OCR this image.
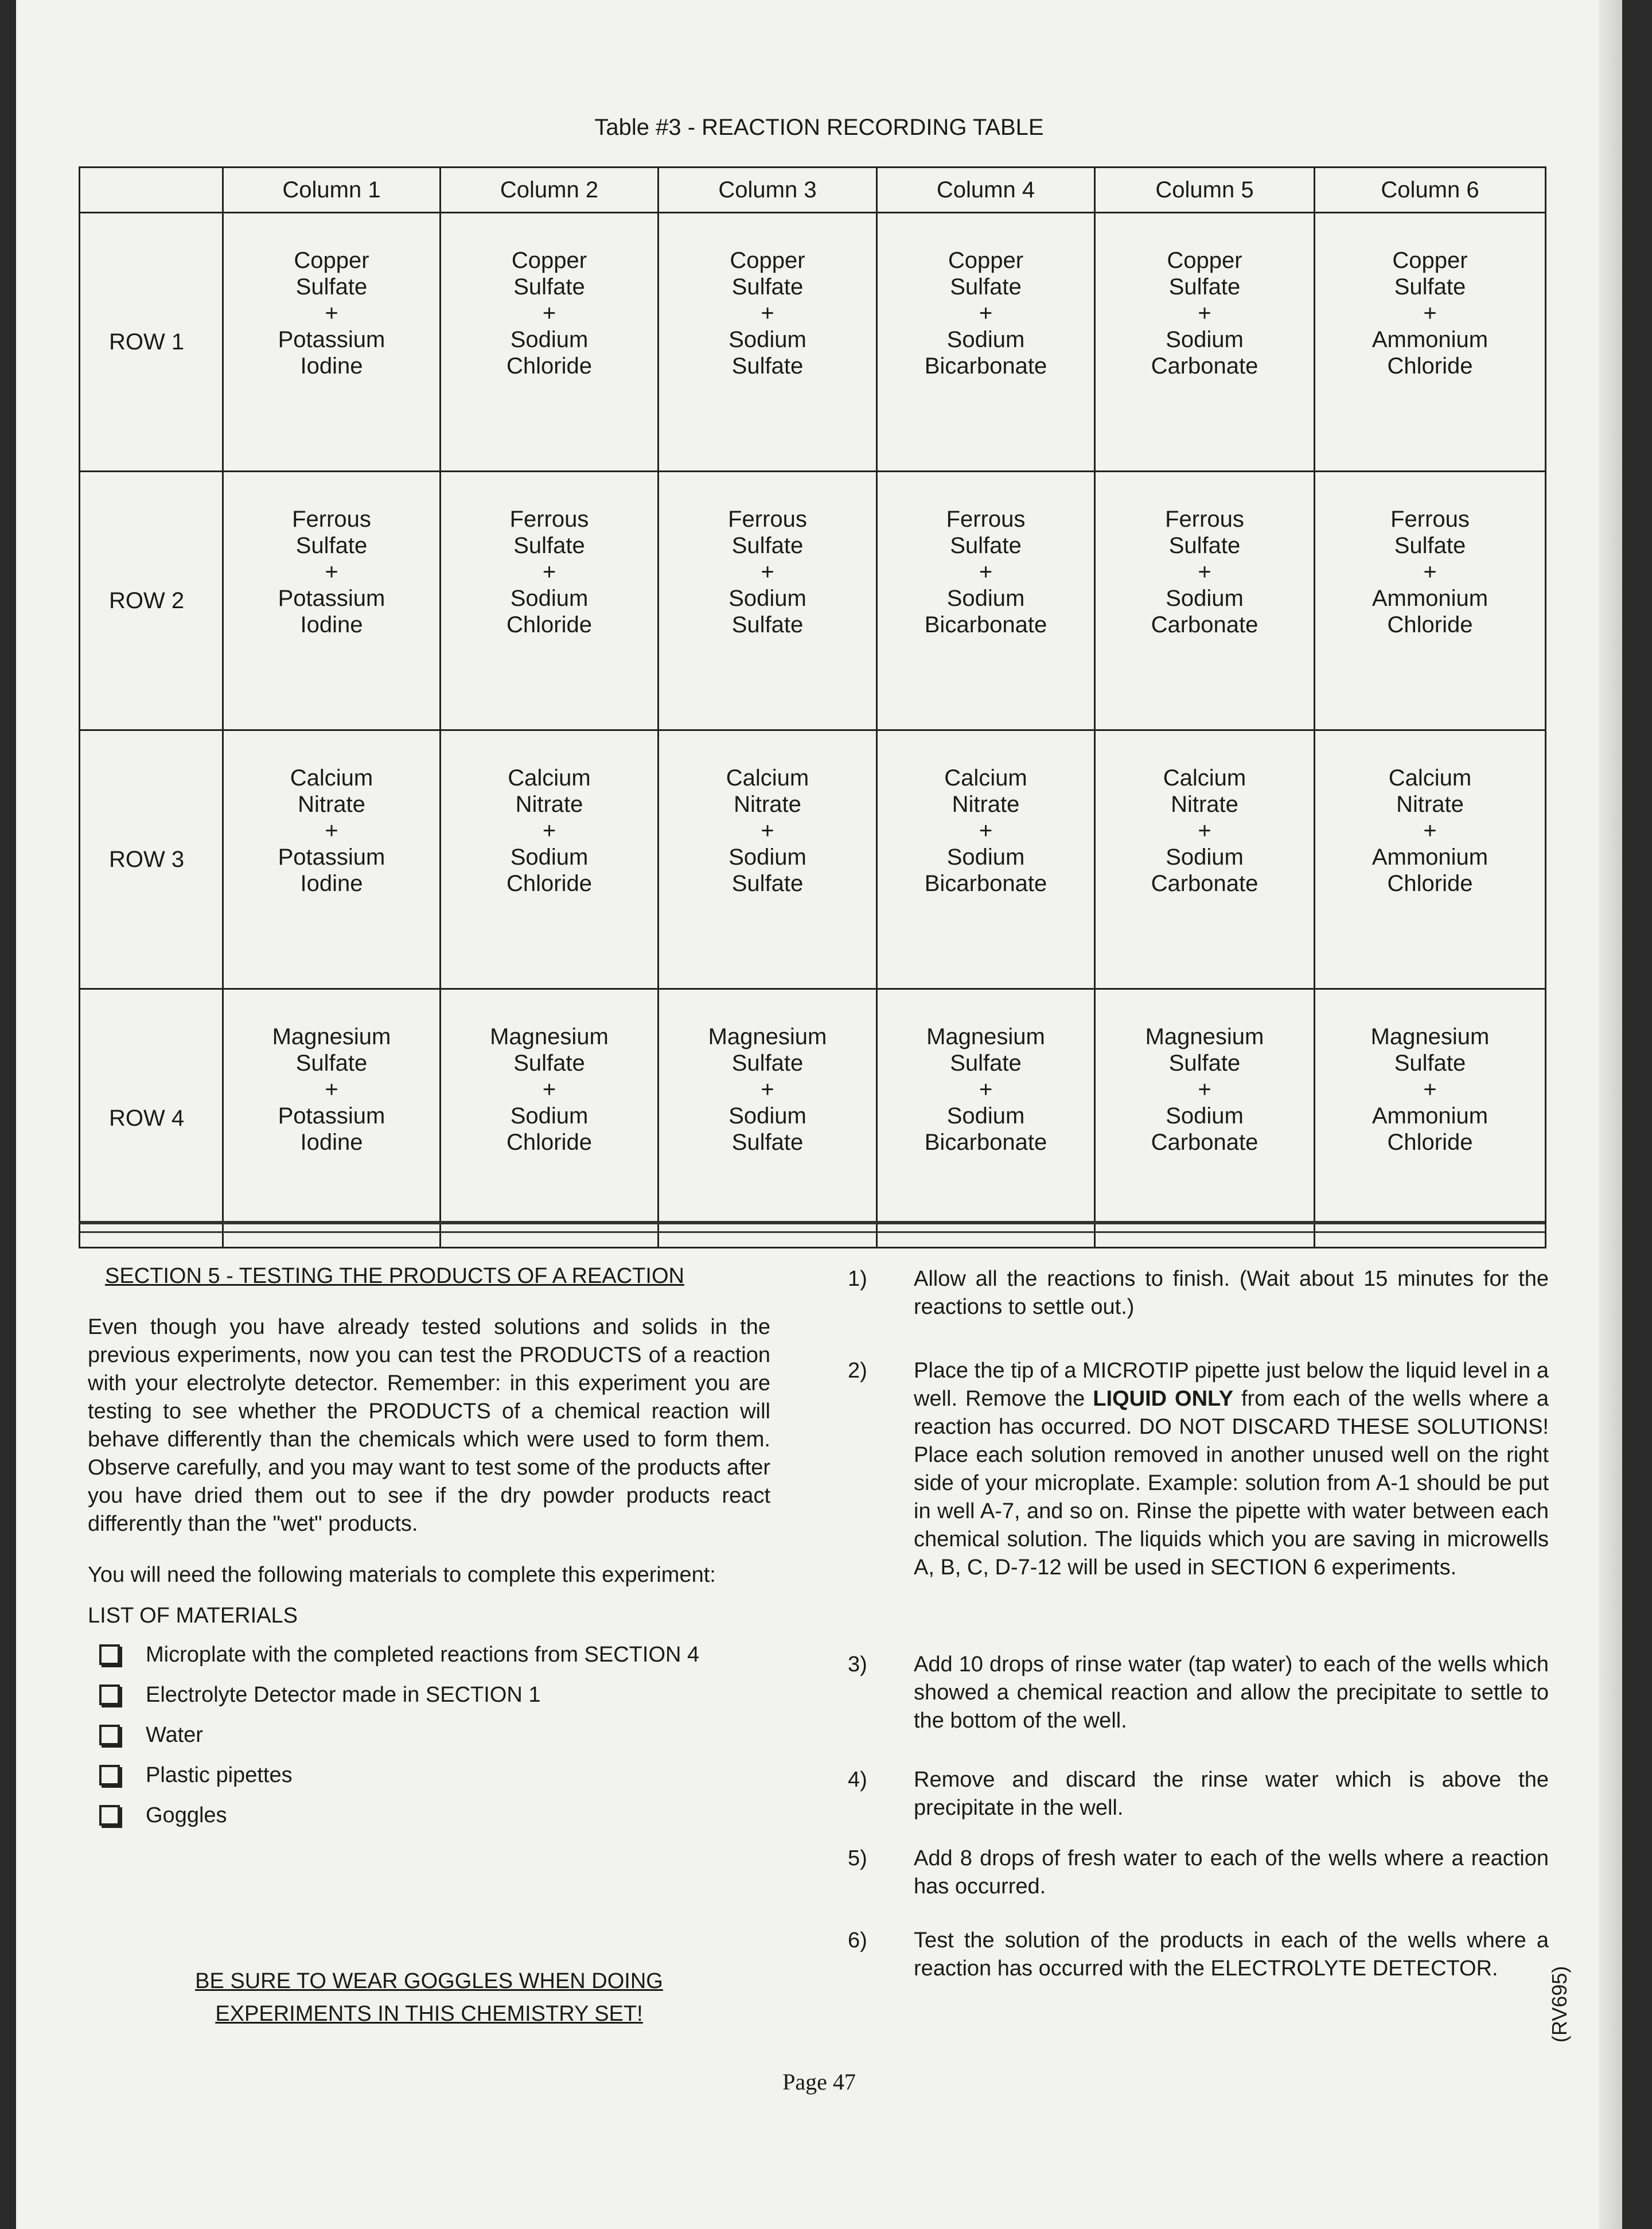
Table #3 - REACTION RECORDING TABLE
	Column 1	Column 2	Column 3	Column 4	Column 5	Column 6
ROW 1	Copper
Sulfate
+
Potassium
Iodine	Copper
Sulfate
+
Sodium
Chloride	Copper
Sulfate
+
Sodium
Sulfate	Copper
Sulfate
+
Sodium
Bicarbonate	Copper
Sulfate
+
Sodium
Carbonate	Copper
Sulfate
+
Ammonium
Chloride

ROW 2	Ferrous
Sulfate
+
Potassium
Iodine	Ferrous
Sulfate
+
Sodium
Chloride	Ferrous
Sulfate
+
Sodium
Sulfate	Ferrous
Sulfate
+
Sodium
Bicarbonate	Ferrous
Sulfate
+
Sodium
Carbonate	Ferrous
Sulfate
+
Ammonium
Chloride

ROW 3	Calcium
Nitrate
+
Potassium
Iodine	Calcium
Nitrate
+
Sodium
Chloride	Calcium
Nitrate
+
Sodium
Sulfate	Calcium
Nitrate
+
Sodium
Bicarbonate	Calcium
Nitrate
+
Sodium
Carbonate	Calcium
Nitrate
+
Ammonium
Chloride

ROW 4	Magnesium
Sulfate
+
Potassium
Iodine	Magnesium
Sulfate
+
Sodium
Chloride	Magnesium
Sulfate
+
Sodium
Sulfate	Magnesium
Sulfate
+
Sodium
Bicarbonate	Magnesium
Sulfate
+
Sodium
Carbonate	Magnesium
Sulfate
+
Ammonium
Chloride
SECTION 5 - TESTING THE PRODUCTS OF A REACTION

Even though you have already tested solutions and solids in the previous experiments, now you can test the PRODUCTS of a reaction with your electrolyte detector. Remember: in this experiment you are testing to see whether the PRODUCTS of a chemical reaction will behave differently than the chemicals which were used to form them. Observe carefully, and you may want to test some of the products after you have dried them out to see if the dry powder products react differently than the "wet" products.

You will need the following materials to complete this experiment:

LIST OF MATERIALS

Microplate with the completed reactions from SECTION 4
Electrolyte Detector made in SECTION 1
Water
Plastic pipettes
Goggles
BE SURE TO WEAR GOGGLES WHEN DOING
EXPERIMENTS IN THIS CHEMISTRY SET!
1)	Allow all the reactions to finish. (Wait about 15 minutes for the reactions to settle out.)
2)	Place the tip of a MICROTIP pipette just below the liquid level in a well. Remove the LIQUID ONLY from each of the wells where a reaction has occurred. DO NOT DISCARD THESE SOLUTIONS! Place each solution removed in another unused well on the right side of your microplate. Example: solution from A-1 should be put in well A-7, and so on. Rinse the pipette with water between each chemical solution. The liquids which you are saving in microwells A, B, C, D-7-12 will be used in SECTION 6 experiments.
3)	Add 10 drops of rinse water (tap water) to each of the wells which showed a chemical reaction and allow the precipitate to settle to the bottom of the well.
4)	Remove and discard the rinse water which is above the precipitate in the well.
5)	Add 8 drops of fresh water to each of the wells where a reaction has occurred.
6)	Test the solution of the products in each of the wells where a reaction has occurred with the ELECTROLYTE DETECTOR.
Page 47
(RV695)
